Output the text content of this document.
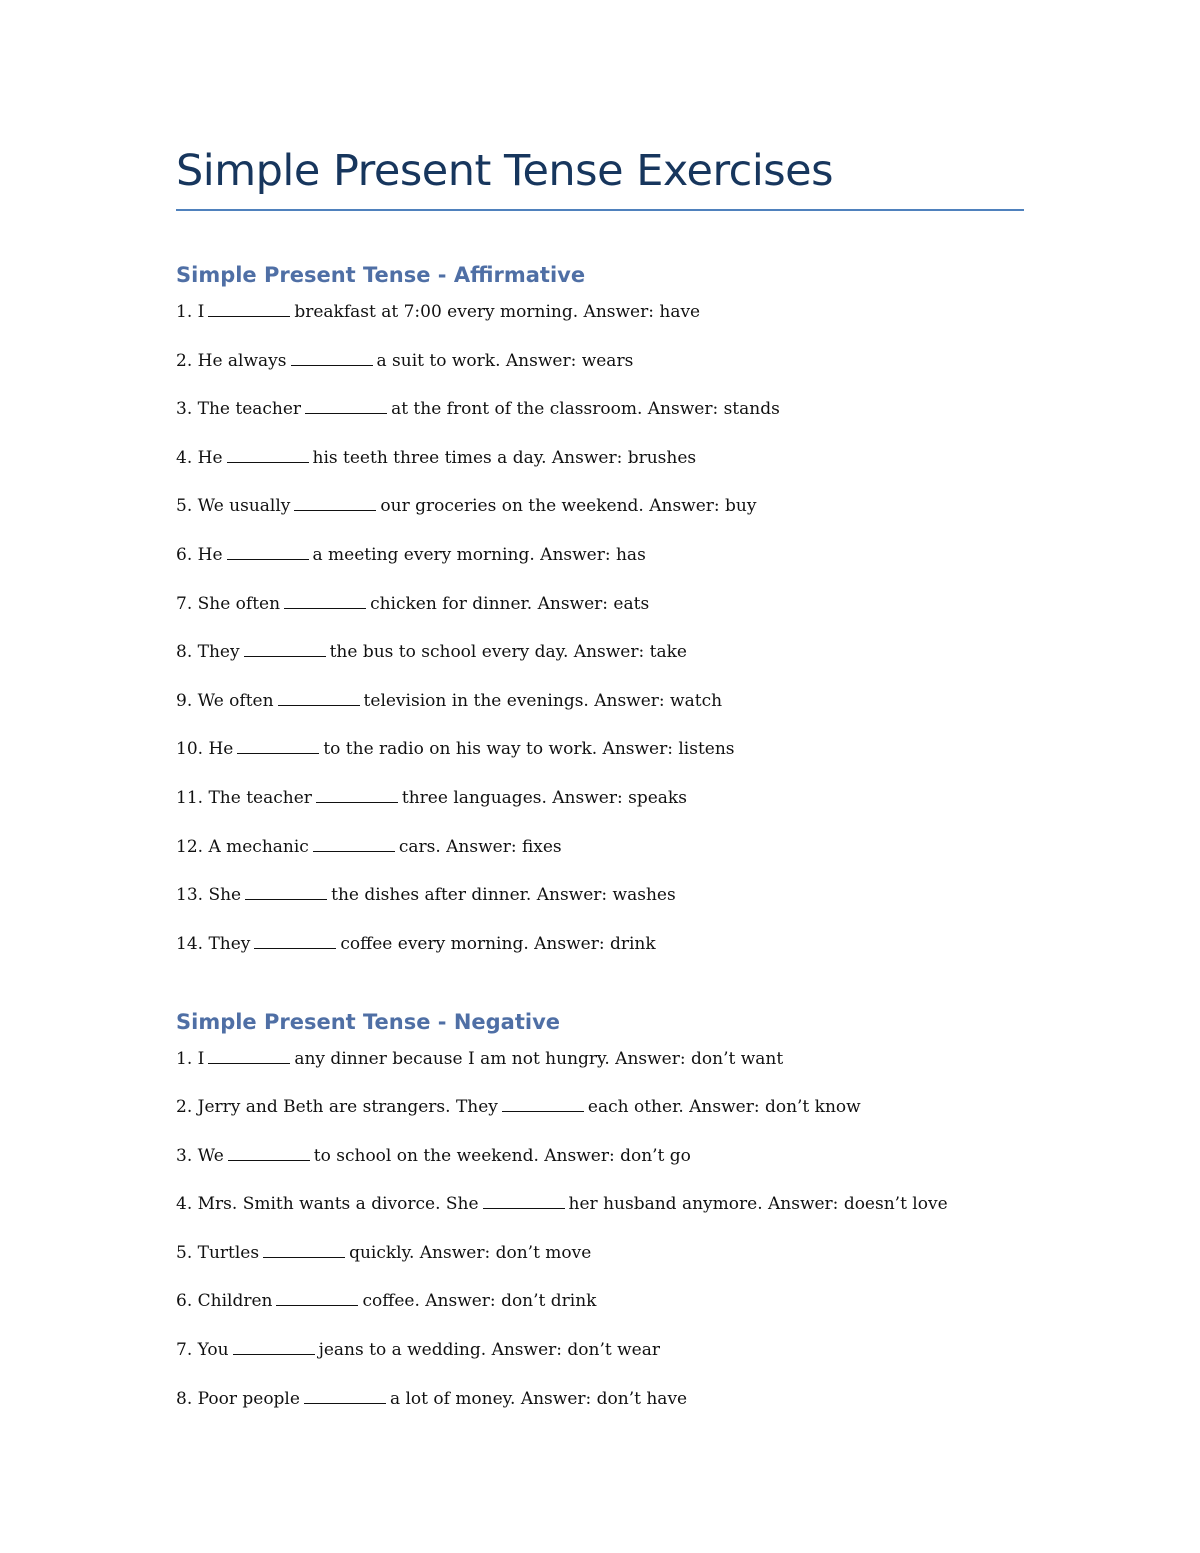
Simple Present Tense Exercises
Simple Present Tense - Affirmative
1. I	breakfast at 7:00 every morning. Answer: have
2. He always	a suit to work. Answer: wears
3. The teacher	at the front of the classroom. Answer: stands
4. He	his teeth three times a day. Answer: brushes
5. We usually	our groceries on the weekend. Answer: buy
6. He	a meeting every morning. Answer: has
7. She often	chicken for dinner. Answer: eats
8. They	the bus to school every day. Answer: take
9. We often	television in the evenings. Answer: watch
10. He	to the radio on his way to work. Answer: listens
11. The teacher	three languages. Answer: speaks
12. A mechanic	cars. Answer: fixes
13. She	the dishes after dinner. Answer: washes
14. They	coffee every morning. Answer: drink
Simple Present Tense - Negative
1. I	any dinner because I am not hungry. Answer: don’t want
2. Jerry and Beth are strangers. They	each other. Answer: don’t know
3. We	to school on the weekend. Answer: don’t go
4. Mrs. Smith wants a divorce. She	her husband anymore. Answer: doesn’t love
5. Turtles	quickly. Answer: don’t move
6. Children	coffee. Answer: don’t drink
7. You	jeans to a wedding. Answer: don’t wear
8. Poor people	a lot of money. Answer: don’t have
